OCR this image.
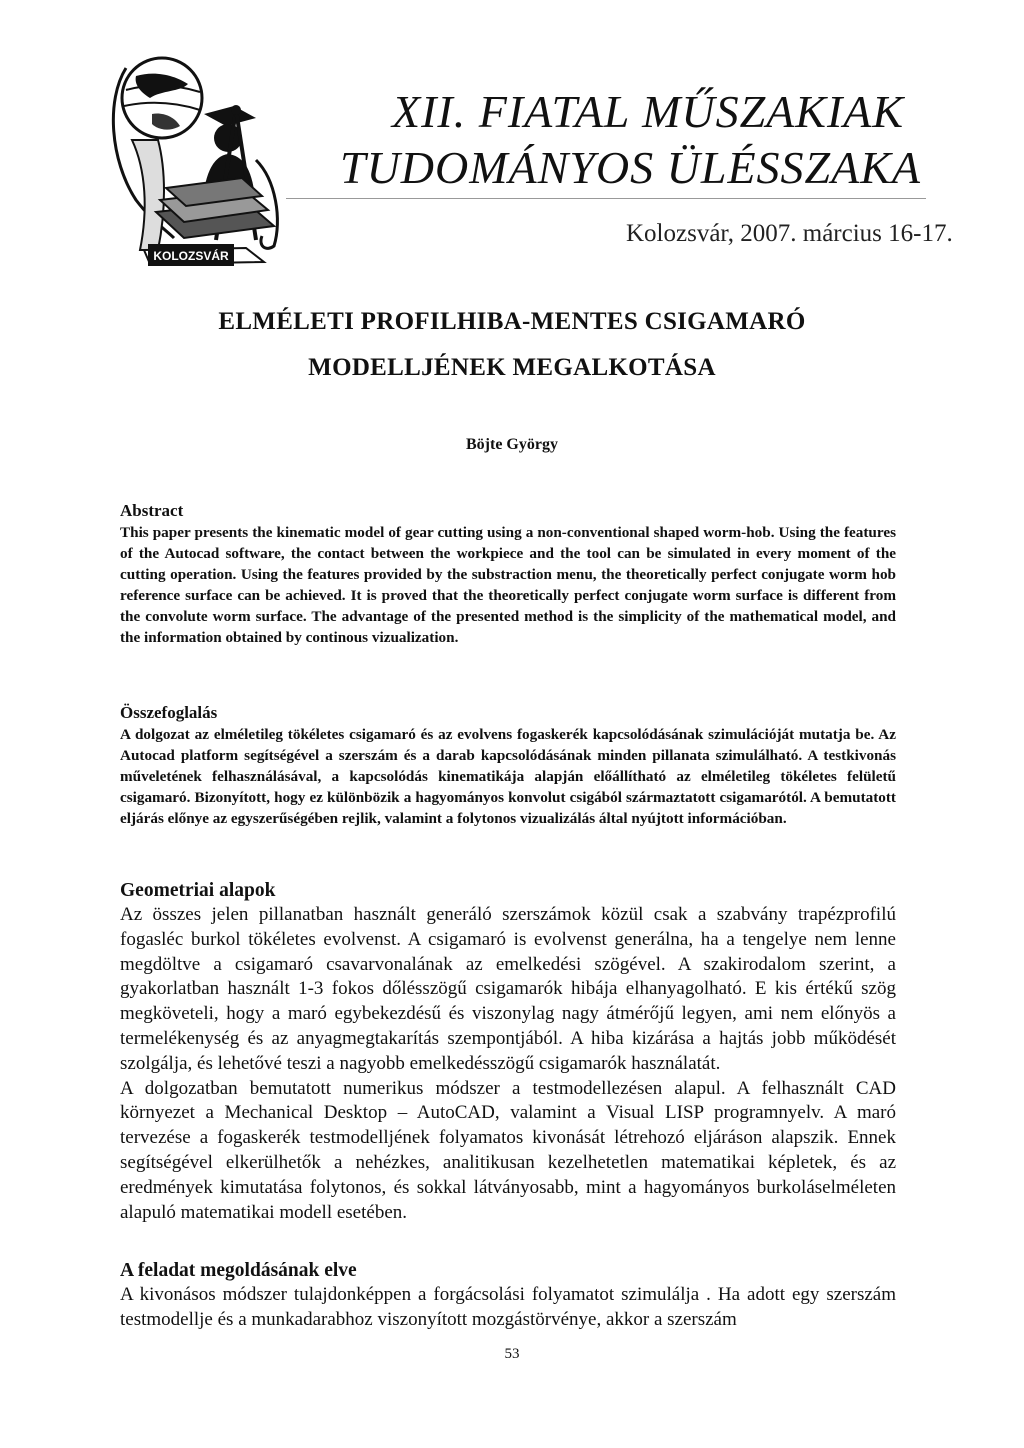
KOLOZSVÁR
XII. FIATAL MŰSZAKIAK
TUDOMÁNYOS ÜLÉSSZAKA
Kolozsvár, 2007. március 16-17.
ELMÉLETI PROFILHIBA-MENTES CSIGAMARÓ
MODELLJÉNEK MEGALKOTÁSA
Böjte György
Abstract

This paper presents the kinematic model of gear cutting using a non-conventional shaped worm-hob. Using the features of the Autocad software, the contact between the workpiece and the tool can be simulated in every moment of the cutting operation. Using the features provided by the substraction menu, the theoretically perfect conjugate worm hob reference surface can be achieved. It is proved that the theoretically perfect conjugate worm surface is different from the convolute worm surface. The advantage of the presented method is the simplicity of the mathematical model, and the information obtained by continous vizualization.

Összefoglalás

A dolgozat az elméletileg tökéletes csigamaró és az evolvens fogaskerék kapcsolódásának szimulációját mutatja be. Az Autocad platform segítségével a szerszám és a darab kapcsolódásának minden pillanata szimulálható. A testkivonás műveletének felhasználásával, a kapcsolódás kinematikája alapján előállítható az elméletileg tökéletes felületű csigamaró. Bizonyított, hogy ez különbözik a hagyományos konvolut csigából származtatott csigamarótól. A bemutatott eljárás előnye az egyszerűségében rejlik, valamint a folytonos vizualizálás által nyújtott információban.

Geometriai alapok

Az összes jelen pillanatban használt generáló szerszámok közül csak a szabvány trapézprofilú fogasléc burkol tökéletes evolvenst. A csigamaró is evolvenst generálna, ha a tengelye nem lenne megdöltve a csigamaró csavarvonalának az emelkedési szögével. A szakirodalom szerint, a gyakorlatban használt 1-3 fokos dőlésszögű csigamarók hibája elhanyagolható. E kis értékű szög megköveteli, hogy a maró egybekezdésű és viszonylag nagy átmérőjű legyen, ami nem előnyös a termelékenység és az anyagmegtakarítás szempontjából. A hiba kizárása a hajtás jobb működését szolgálja, és lehetővé teszi a nagyobb emelkedésszögű csigamarók használatát.

A dolgozatban bemutatott numerikus módszer a testmodellezésen alapul. A felhasznált CAD környezet a Mechanical Desktop – AutoCAD, valamint a Visual LISP programnyelv. A maró tervezése a fogaskerék testmodelljének folyamatos kivonását létrehozó eljáráson alapszik. Ennek segítségével elkerülhetők a nehézkes, analitikusan kezelhetetlen matematikai képletek, és az eredmények kimutatása folytonos, és sokkal látványosabb, mint a hagyományos burkoláselméleten alapuló matematikai modell esetében.

A feladat megoldásának elve

A kivonásos módszer tulajdonképpen a forgácsolási folyamatot szimulálja . Ha adott egy szerszám testmodellje és a munkadarabhoz viszonyított mozgástörvénye, akkor a szerszám

53
